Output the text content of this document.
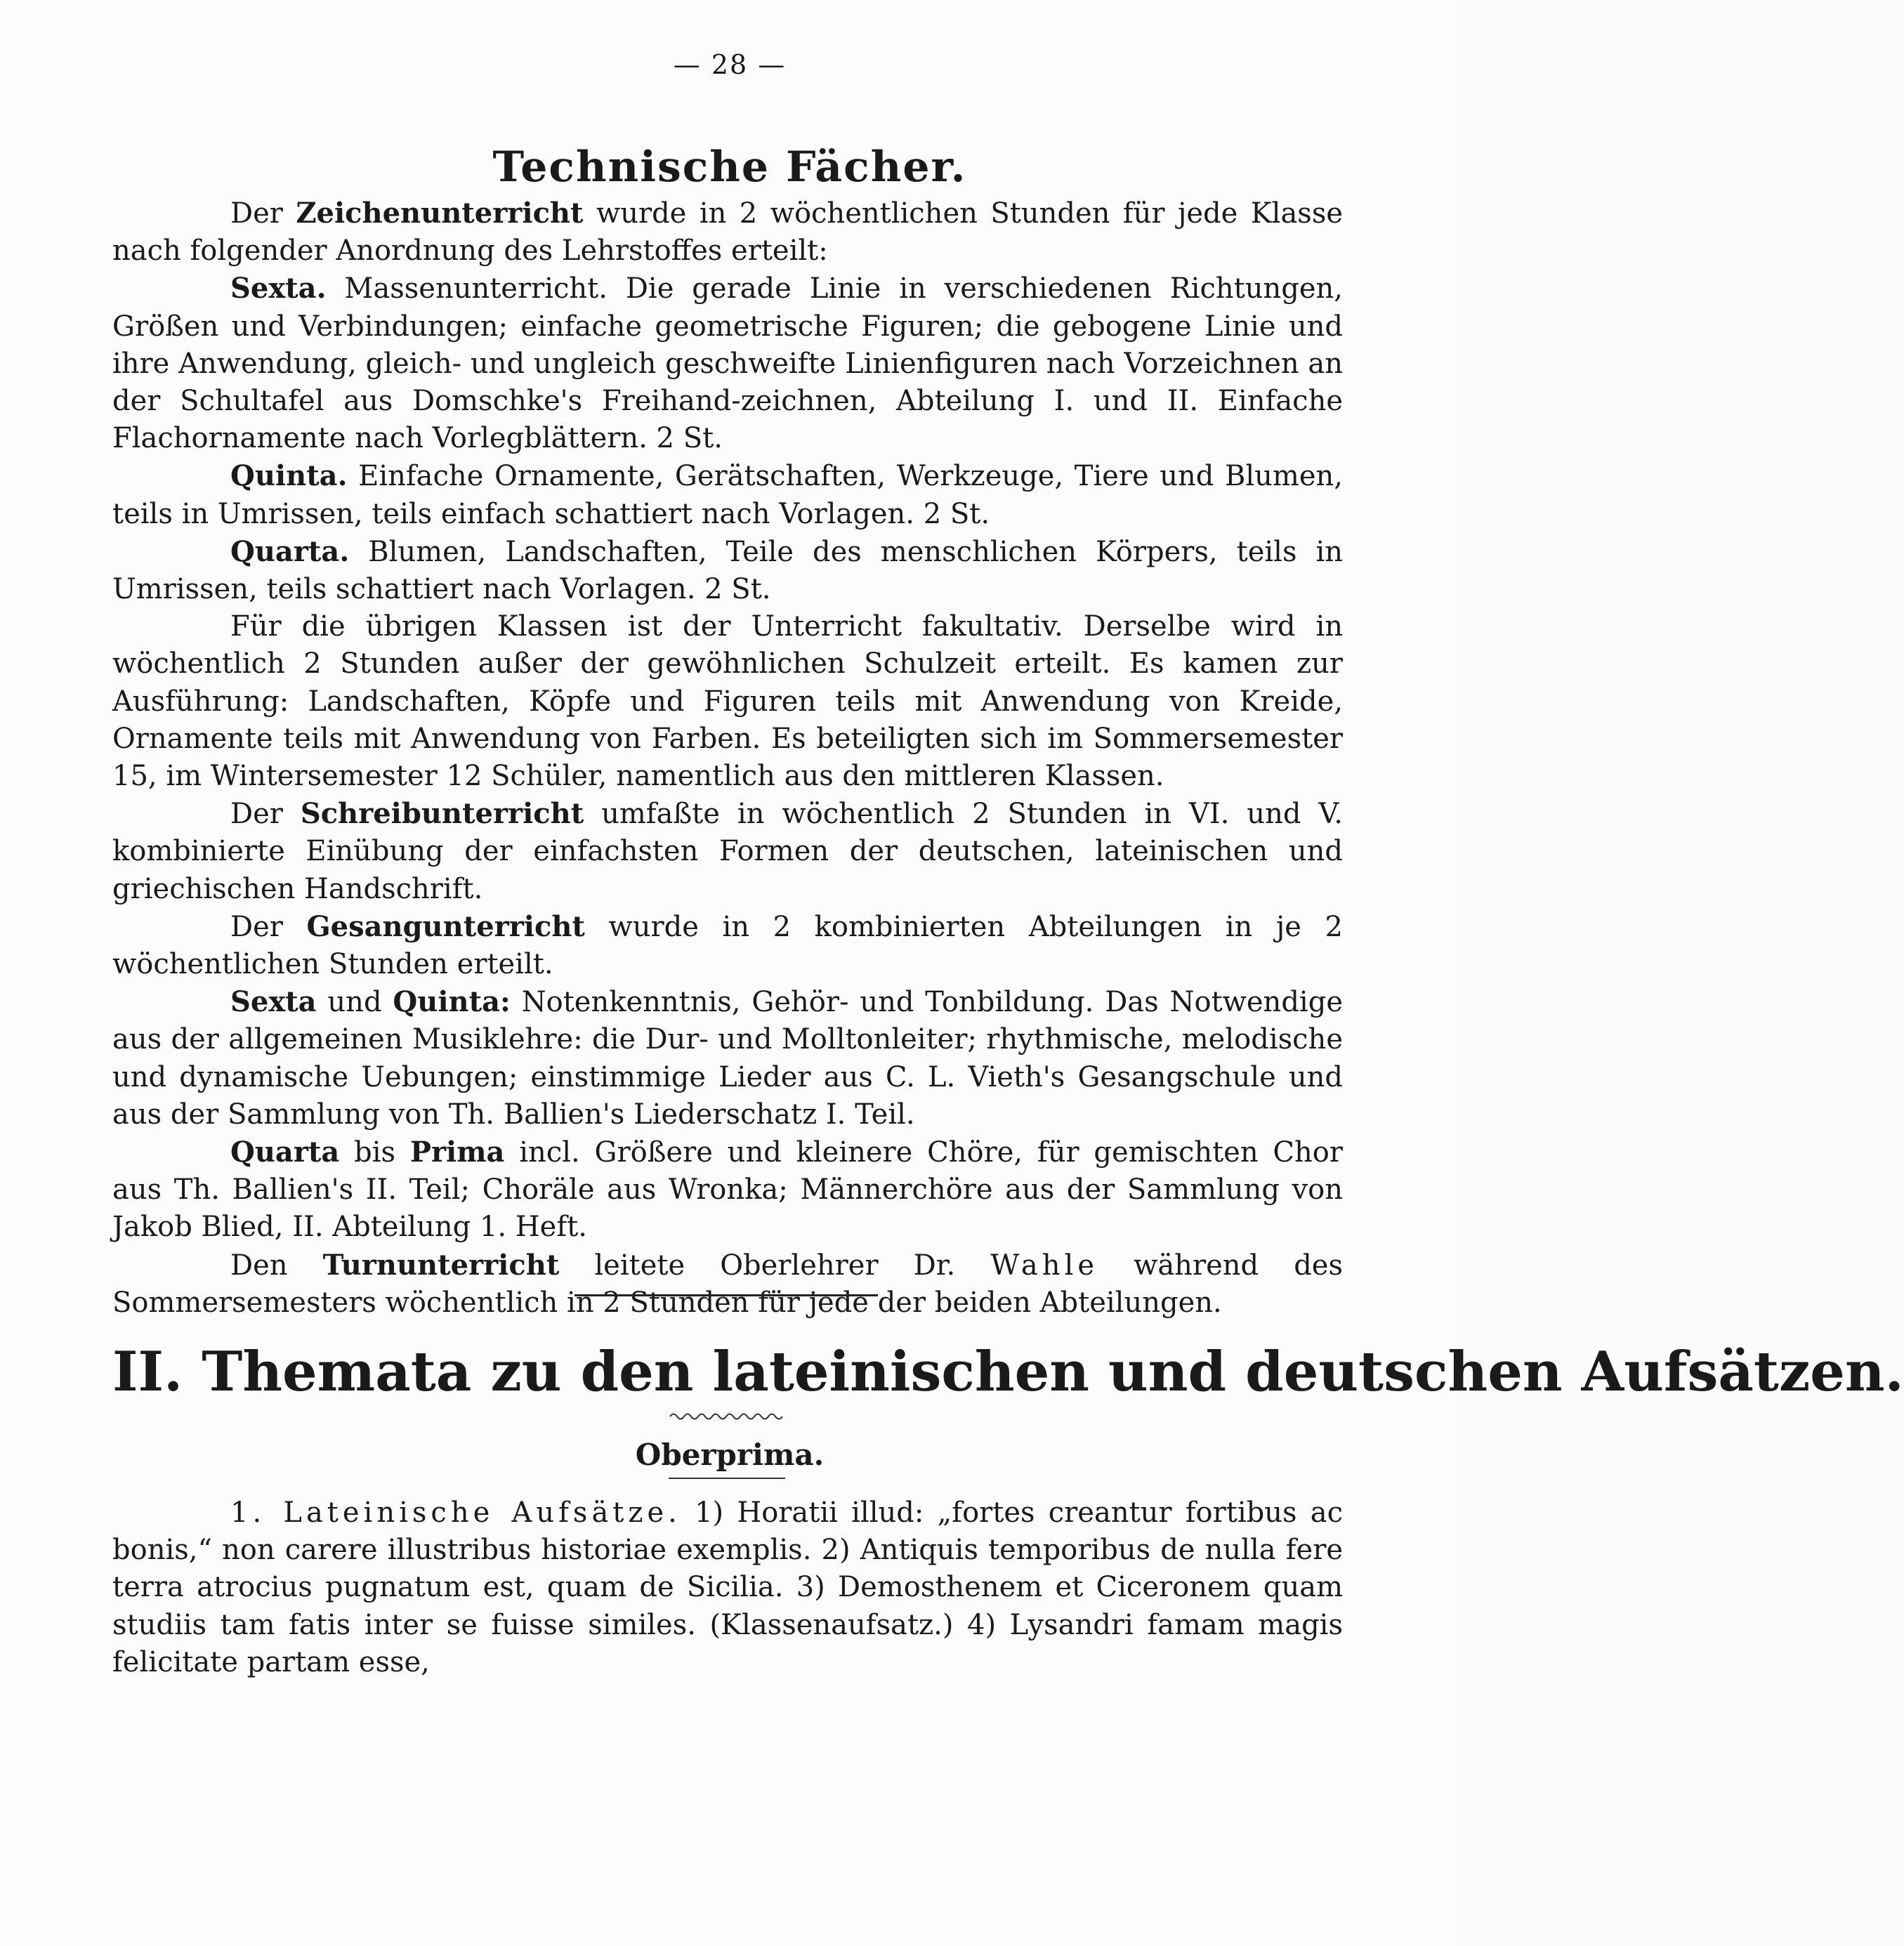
— 28 —
Technische Fächer.

Der Zeichenunterricht wurde in 2 wöchentlichen Stunden für jede Klasse nach folgender Anordnung des Lehrstoffes erteilt:

Sexta. Massenunterricht. Die gerade Linie in verschiedenen Richtungen, Größen und Verbindungen; einfache geometrische Figuren; die gebogene Linie und ihre Anwendung, gleich- und ungleich geschweifte Linienfiguren nach Vorzeichnen an der Schultafel aus Domschke's Freihand-zeichnen, Abteilung I. und II. Einfache Flachornamente nach Vorlegblättern. 2 St.

Quinta. Einfache Ornamente, Gerätschaften, Werkzeuge, Tiere und Blumen, teils in Umrissen, teils einfach schattiert nach Vorlagen. 2 St.

Quarta. Blumen, Landschaften, Teile des menschlichen Körpers, teils in Umrissen, teils schattiert nach Vorlagen. 2 St.

Für die übrigen Klassen ist der Unterricht fakultativ. Derselbe wird in wöchentlich 2 Stunden außer der gewöhnlichen Schulzeit erteilt. Es kamen zur Ausführung: Landschaften, Köpfe und Figuren teils mit Anwendung von Kreide, Ornamente teils mit Anwendung von Farben. Es beteiligten sich im Sommersemester 15, im Wintersemester 12 Schüler, namentlich aus den mittleren Klassen.

Der Schreibunterricht umfaßte in wöchentlich 2 Stunden in VI. und V. kombinierte Einübung der einfachsten Formen der deutschen, lateinischen und griechischen Handschrift.

Der Gesangunterricht wurde in 2 kombinierten Abteilungen in je 2 wöchentlichen Stunden erteilt.

Sexta und Quinta: Notenkenntnis, Gehör- und Tonbildung. Das Notwendige aus der allgemeinen Musiklehre: die Dur- und Molltonleiter; rhythmische, melodische und dynamische Uebungen; einstimmige Lieder aus C. L. Vieth's Gesangschule und aus der Sammlung von Th. Ballien's Liederschatz I. Teil.

Quarta bis Prima incl. Größere und kleinere Chöre, für gemischten Chor aus Th. Ballien's II. Teil; Choräle aus Wronka; Männerchöre aus der Sammlung von Jakob Blied, II. Abteilung 1. Heft.

Den Turnunterricht leitete Oberlehrer Dr. Wahle während des Sommersemesters wöchentlich in 2 Stunden für jede der beiden Abteilungen.

II. Themata zu den lateinischen und deutschen Aufsätzen.
Oberprima.

1. Lateinische Aufsätze. 1) Horatii illud: „fortes creantur fortibus ac bonis,“ non carere illustribus historiae exemplis. 2) Antiquis temporibus de nulla fere terra atrocius pugnatum est, quam de Sicilia. 3) Demosthenem et Ciceronem quam studiis tam fatis inter se fuisse similes. (Klassenaufsatz.) 4) Lysandri famam magis felicitate partam esse,
